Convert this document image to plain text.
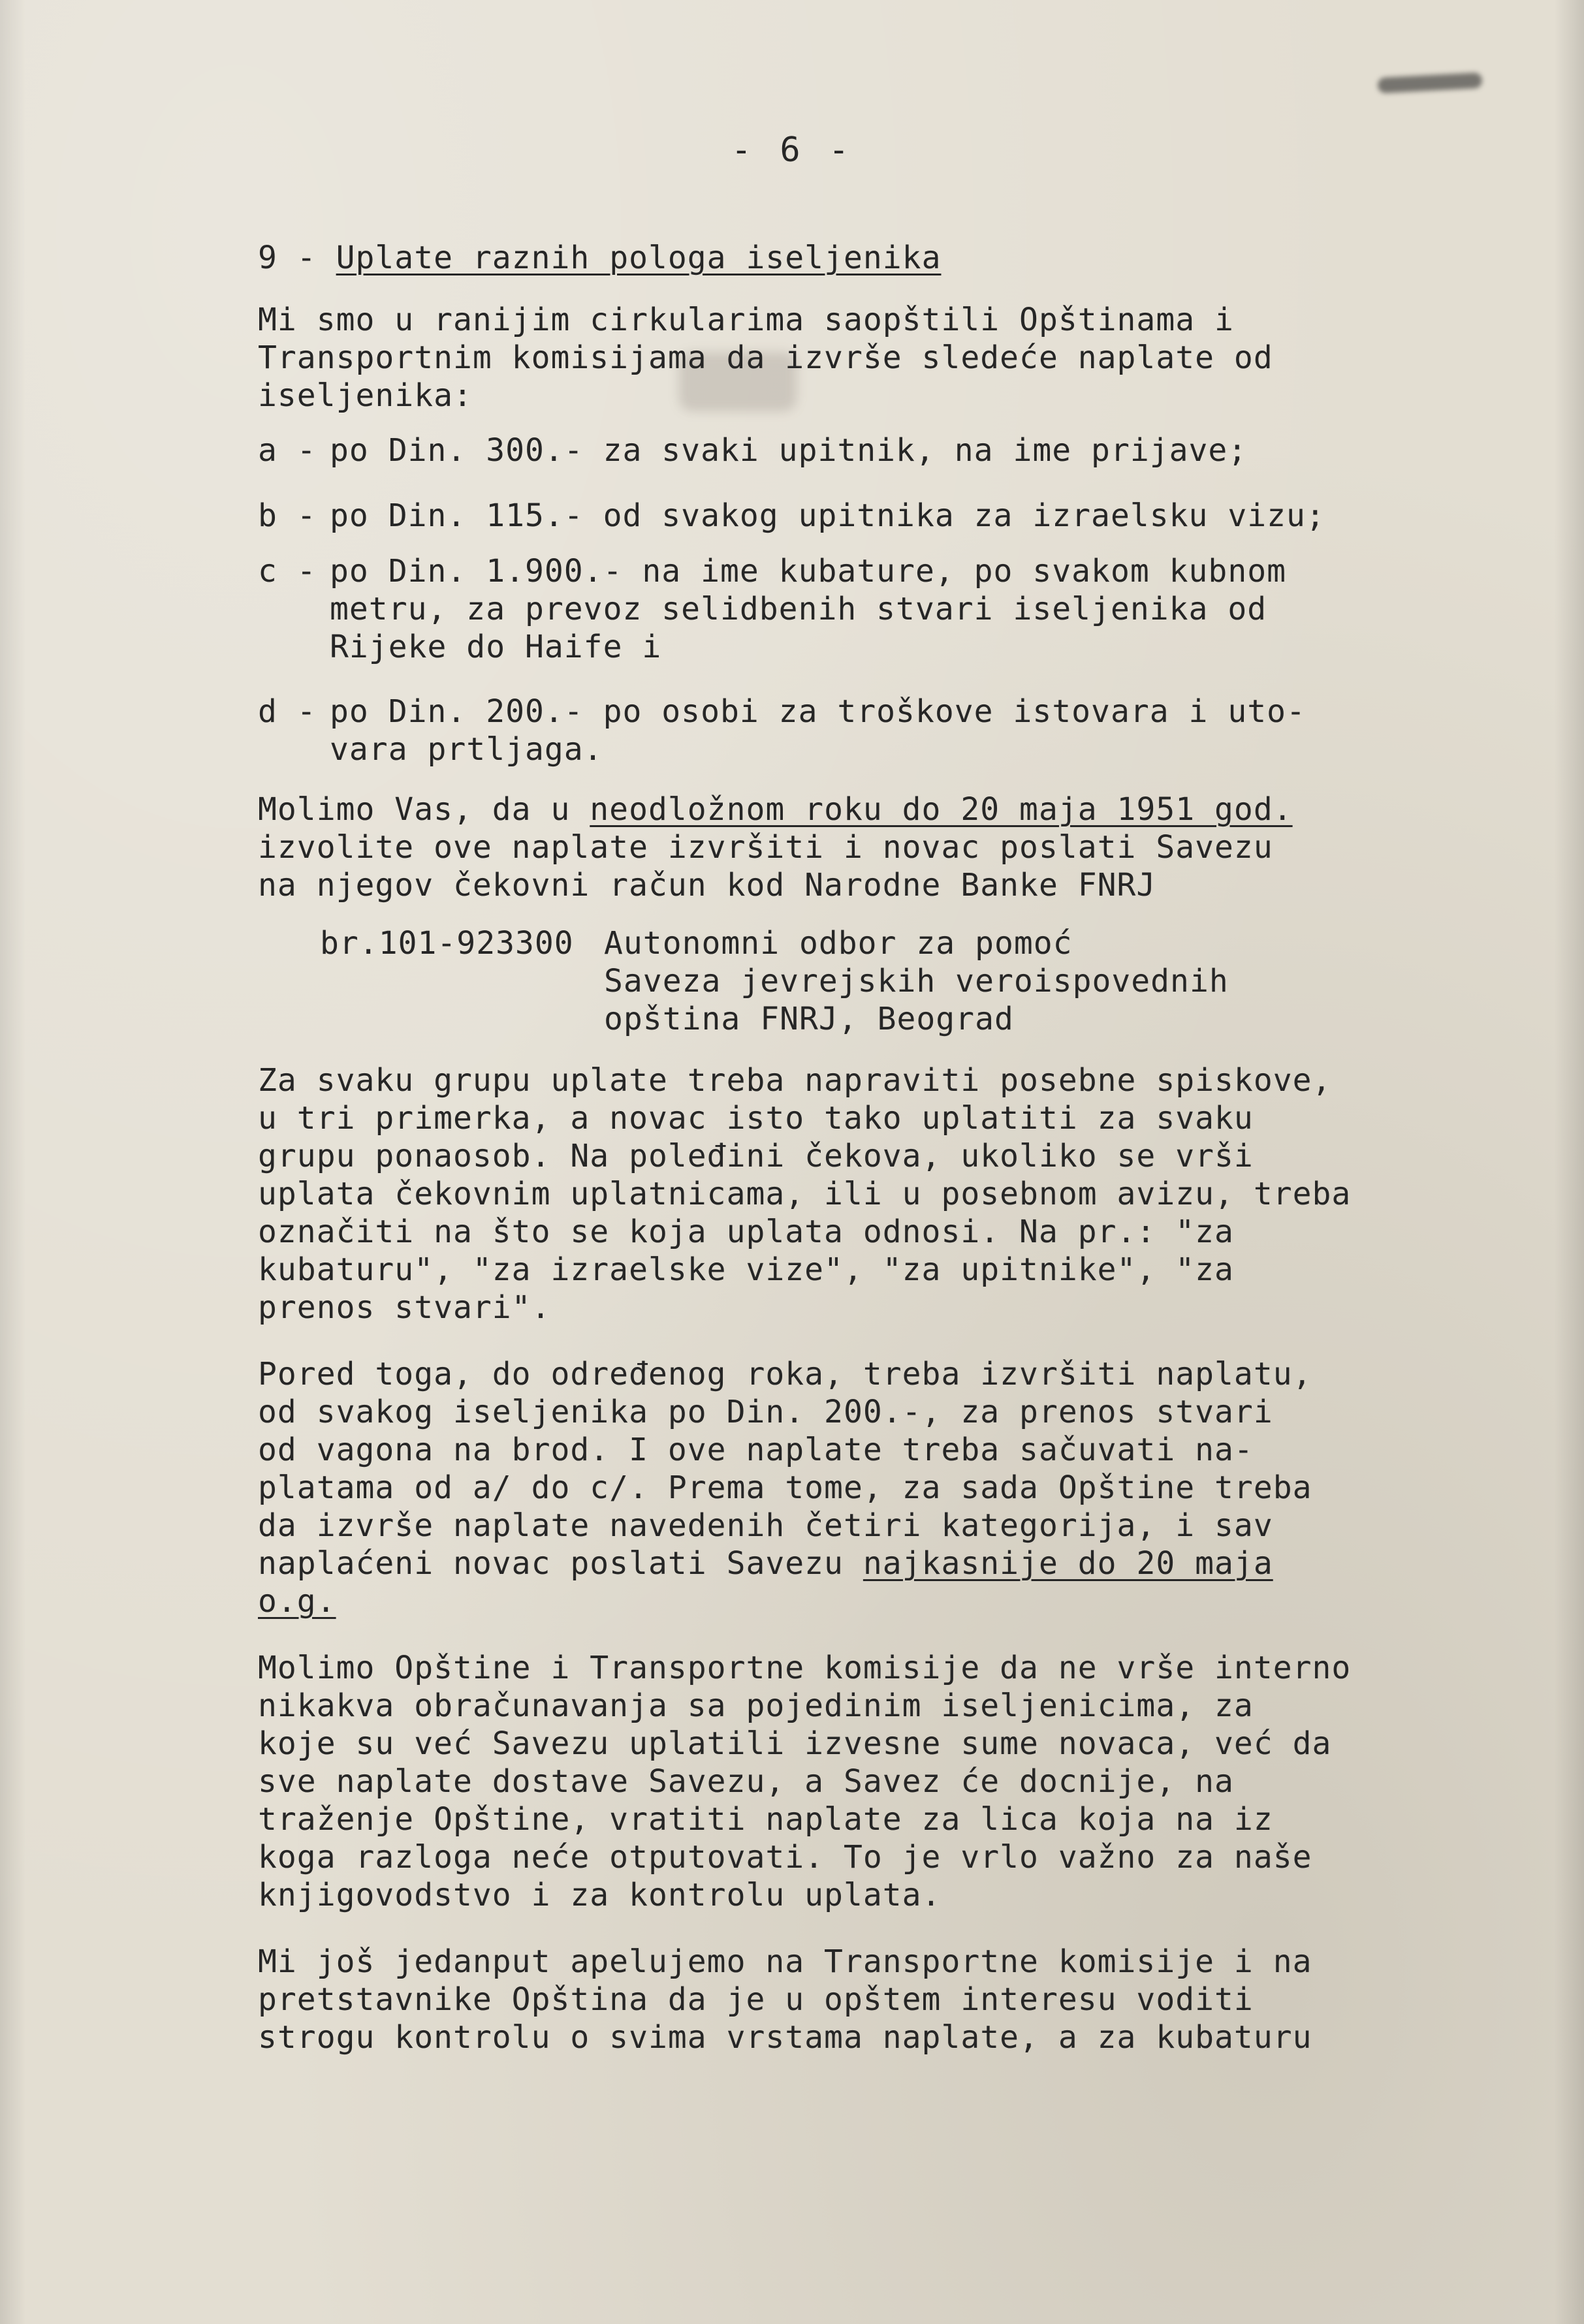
- 6 -
9 - Uplate raznih pologa iseljenika
Mi smo u ranijim cirkularima saopštili Opštinama i
Transportnim komisijama da izvrše sledeće naplate od
iseljenika:
a - po Din. 300.- za svaki upitnik, na ime prijave;
b - po Din. 115.- od svakog upitnika za izraelsku vizu;
c - po Din. 1.900.- na ime kubature, po svakom kubnom
metru, za prevoz selidbenih stvari iseljenika od
Rijeke do Haife i
d - po Din. 200.- po osobi za troškove istovara i uto-
vara prtljaga.
Molimo Vas, da u neodložnom roku do 20 maja 1951 god.
izvolite ove naplate izvršiti i novac poslati Savezu
na njegov čekovni račun kod Narodne Banke FNRJ
br.101-923300 Autonomni odbor za pomoć
Saveza jevrejskih veroispovednih
opština FNRJ, Beograd
Za svaku grupu uplate treba napraviti posebne spiskove,
u tri primerka, a novac isto tako uplatiti za svaku
grupu ponaosob. Na poleđini čekova, ukoliko se vrši
uplata čekovnim uplatnicama, ili u posebnom avizu, treba
označiti na što se koja uplata odnosi. Na pr.: "za
kubaturu", "za izraelske vize", "za upitnike", "za
prenos stvari".
Pored toga, do određenog roka, treba izvršiti naplatu,
od svakog iseljenika po Din. 200.-, za prenos stvari
od vagona na brod. I ove naplate treba sačuvati na-
platama od a/ do c/. Prema tome, za sada Opštine treba
da izvrše naplate navedenih četiri kategorija, i sav
naplaćeni novac poslati Savezu najkasnije do 20 maja
o.g.
Molimo Opštine i Transportne komisije da ne vrše interno
nikakva obračunavanja sa pojedinim iseljenicima, za
koje su već Savezu uplatili izvesne sume novaca, već da
sve naplate dostave Savezu, a Savez će docnije, na
traženje Opštine, vratiti naplate za lica koja na iz
koga razloga neće otputovati. To je vrlo važno za naše
knjigovodstvo i za kontrolu uplata.
Mi još jedanput apelujemo na Transportne komisije i na
pretstavnike Opština da je u opštem interesu voditi
strogu kontrolu o svima vrstama naplate, a za kubaturu
